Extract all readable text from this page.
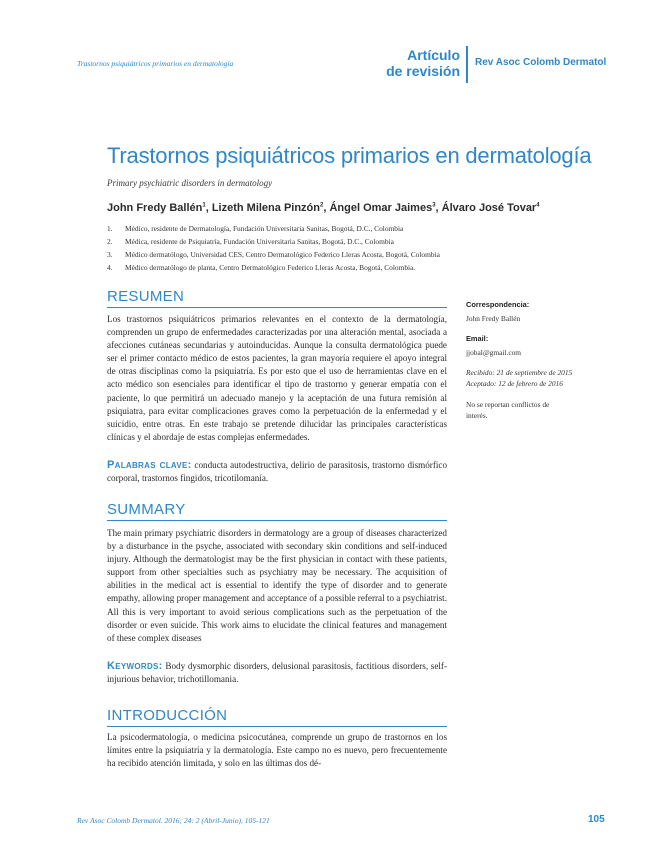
Trastornos psiquiátricos primarios en dermatología
Artículo
de revisión
Rev Asoc Colomb Dermatol
Trastornos psiquiátricos primarios en dermatología
Primary psychiatric disorders in dermatology
John Fredy Ballén$^1$, Lizeth Milena Pinzón$^2$, Ángel Omar Jaimes$^3$, Álvaro José Tovar$^4$
1.	Médico, residente de Dermatología, Fundación Universitaria Sanitas, Bogotá, D.C., Colombia
2.	Médica, residente de Psiquiatría, Fundación Universitaria Sanitas, Bogotá, D.C., Colombia
3.	Médico dermatólogo, Universidad CES, Centro Dermatológico Federico Lleras Acosta, Bogotá, Colombia
4.	Médico dermatólogo de planta, Centro Dermatológico Federico Lleras Acosta, Bogotá, Colombia.
RESUMEN
Los trastornos psiquiátricos primarios relevantes en el contexto de la dermatología, comprenden un grupo de enfermedades caracterizadas por una alteración mental, asociada a afecciones cutáneas secundarias y autoinducidas. Aunque la consulta dermatológica puede ser el primer contacto médico de estos pacientes, la gran mayoría requiere el apoyo integral de otras disciplinas como la psiquiatría. Es por esto que el uso de herramientas clave en el acto médico son esenciales para identificar el tipo de trastorno y generar empatía con el paciente, lo que permitirá un adecuado manejo y la aceptación de una futura remisión al psiquiatra, para evitar complicaciones graves como la perpetuación de la enfermedad y el suicidio, entre otras. En este trabajo se pretende dilucidar las principales características clínicas y el abordaje de estas complejas enfermedades.
Palabras clave: conducta autodestructiva, delirio de parasitosis, trastorno dismórfico corporal, trastornos fingidos, tricotilomanía.
SUMMARY
The main primary psychiatric disorders in dermatology are a group of diseases characterized by a disturbance in the psyche, associated with secondary skin conditions and self-induced injury. Although the dermatologist may be the first physician in contact with these patients, support from other specialties such as psychiatry may be necessary. The acquisition of abilities in the medical act is essential to identify the type of disorder and to generate empathy, allowing proper management and acceptance of a possible referral to a psychiatrist. All this is very important to avoid serious complications such as the perpetuation of the disorder or even suicide. This work aims to elucidate the clinical features and management of these complex diseases
Keywords: Body dysmorphic disorders, delusional parasitosis, factitious disorders, self-injurious behavior, trichotillomania.
INTRODUCCIÓN
La psicodermatología, o medicina psicocutánea, comprende un grupo de trastornos en los límites entre la psiquiatría y la dermatología. Este campo no es nuevo, pero frecuentemente ha recibido atención limitada, y solo en las últimas dos dé-
Correspondencia:
John Fredy Ballén
Email:
jjobal@gmail.com
Recibido: 21 de septiembre de 2015
Aceptado: 12 de febrero de 2016
No se reportan conflictos de interés.
Rev Asoc Colomb Dermatol. 2016; 24: 2 (Abril-Junio), 105-121	105
